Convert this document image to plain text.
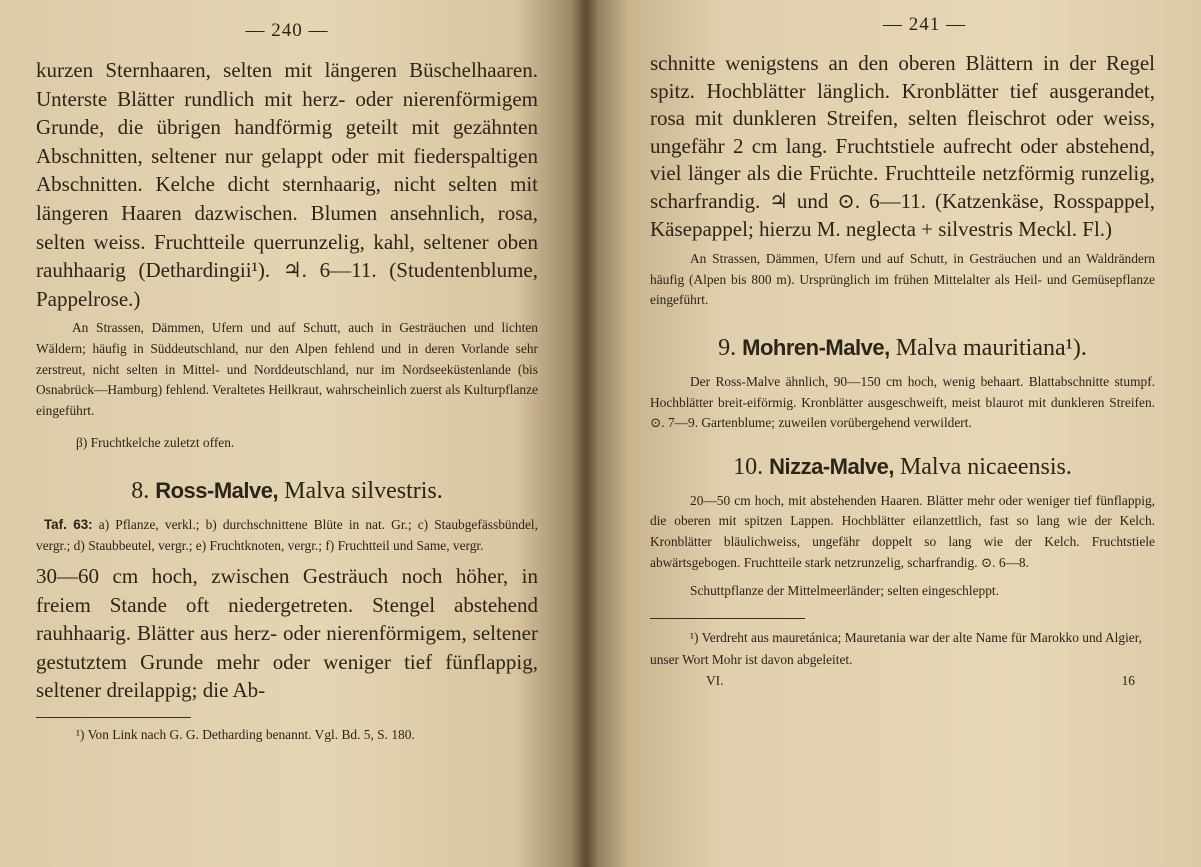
— 240 —

kurzen Sternhaaren, selten mit längeren Büschelhaaren. Unterste Blätter rundlich mit herz- oder nierenförmigem Grunde, die übrigen handförmig geteilt mit gezähnten Abschnitten, seltener nur gelappt oder mit fiederspaltigen Abschnitten. Kelche dicht sternhaarig, nicht selten mit längeren Haaren dazwischen. Blumen ansehnlich, rosa, selten weiss. Fruchtteile querrunzelig, kahl, seltener oben rauhhaarig (Dethardingii¹). ♃. 6—11. (Studentenblume, Pappelrose.)

An Strassen, Dämmen, Ufern und auf Schutt, auch in Gesträuchen und lichten Wäldern; häufig in Süddeutschland, nur den Alpen fehlend und in deren Vorlande sehr zerstreut, nicht selten in Mittel- und Norddeutschland, nur im Nordseeküstenlande (bis Osnabrück—Hamburg) fehlend. Veraltetes Heilkraut, wahrscheinlich zuerst als Kulturpflanze eingeführt.

β) Fruchtkelche zuletzt offen.

8. Ross-Malve, Malva silvestris.

Taf. 63: a) Pflanze, verkl.; b) durchschnittene Blüte in nat. Gr.; c) Staubgefässbündel, vergr.; d) Staubbeutel, vergr.; e) Fruchtknoten, vergr.; f) Fruchtteil und Same, vergr.

30—60 cm hoch, zwischen Gesträuch noch höher, in freiem Stande oft niedergetreten. Stengel abstehend rauhhaarig. Blätter aus herz- oder nierenförmigem, seltener gestutztem Grunde mehr oder weniger tief fünflappig, seltener dreilappig; die Ab-

¹) Von Link nach G. G. Detharding benannt. Vgl. Bd. 5, S. 180.

— 241 —

schnitte wenigstens an den oberen Blättern in der Regel spitz. Hochblätter länglich. Kronblätter tief ausgerandet, rosa mit dunkleren Streifen, selten fleischrot oder weiss, ungefähr 2 cm lang. Fruchtstiele aufrecht oder abstehend, viel länger als die Früchte. Fruchtteile netzförmig runzelig, scharfrandig. ♃ und ⊙. 6—11. (Katzenkäse, Rosspappel, Käsepappel; hierzu M. neglecta + silvestris Meckl. Fl.)

An Strassen, Dämmen, Ufern und auf Schutt, in Gesträuchen und an Waldrändern häufig (Alpen bis 800 m). Ursprünglich im frühen Mittelalter als Heil- und Gemüsepflanze eingeführt.

9. Mohren-Malve, Malva mauritiana¹).

Der Ross-Malve ähnlich, 90—150 cm hoch, wenig behaart. Blattabschnitte stumpf. Hochblätter breit-eiförmig. Kronblätter ausgeschweift, meist blaurot mit dunkleren Streifen. ⊙. 7—9. Gartenblume; zuweilen vorübergehend verwildert.

10. Nizza-Malve, Malva nicaeensis.

20—50 cm hoch, mit abstehenden Haaren. Blätter mehr oder weniger tief fünflappig, die oberen mit spitzen Lappen. Hochblätter eilanzettlich, fast so lang wie der Kelch. Kronblätter bläulichweiss, ungefähr doppelt so lang wie der Kelch. Fruchtstiele abwärtsgebogen. Fruchtteile stark netzrunzelig, scharfrandig. ⊙. 6—8.

Schuttpflanze der Mittelmeerländer; selten eingeschleppt.

¹) Verdreht aus mauretánica; Mauretania war der alte Name für Marokko und Algier, unser Wort Mohr ist davon abgeleitet.

VI.	16
